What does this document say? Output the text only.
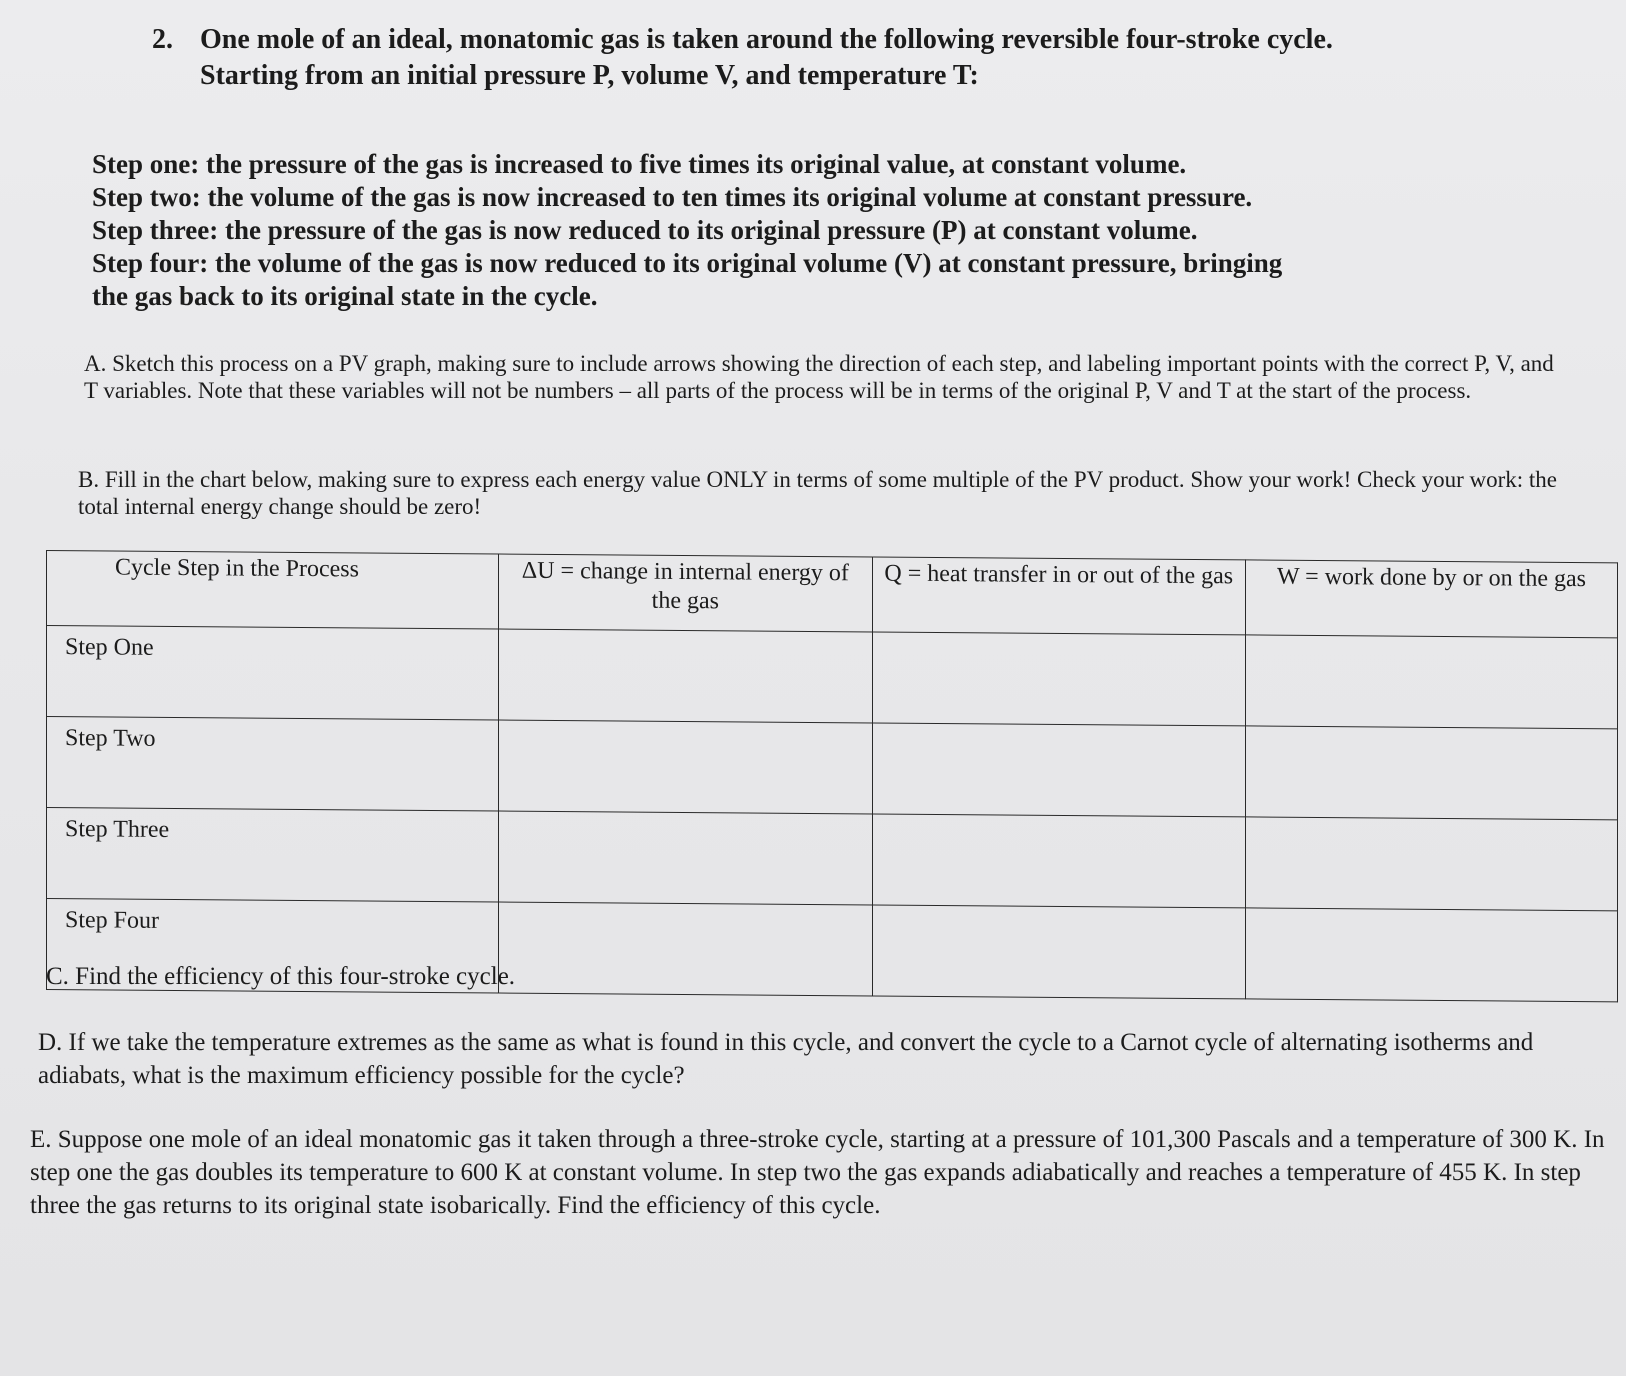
2. One mole of an ideal, monatomic gas is taken around the following reversible four-stroke cycle.
Starting from an initial pressure P, volume V, and temperature T:
Step one: the pressure of the gas is increased to five times its original value, at constant volume.
Step two: the volume of the gas is now increased to ten times its original volume at constant pressure.
Step three: the pressure of the gas is now reduced to its original pressure (P) at constant volume.
Step four: the volume of the gas is now reduced to its original volume (V) at constant pressure, bringing
the gas back to its original state in the cycle.
A. Sketch this process on a PV graph, making sure to include arrows showing the direction of each step, and labeling important points with the correct P, V, and T variables. Note that these variables will not be numbers – all parts of the process will be in terms of the original P, V and T at the start of the process.
B. Fill in the chart below, making sure to express each energy value ONLY in terms of some multiple of the PV product. Show your work! Check your work: the total internal energy change should be zero!
Cycle Step in the Process	ΔU = change in internal energy of the gas	Q = heat transfer in or out of the gas	W = work done by or on the gas
Step One			
Step Two			
Step Three			
Step Four			
C. Find the efficiency of this four-stroke cycle.
D. If we take the temperature extremes as the same as what is found in this cycle, and convert the cycle to a Carnot cycle of alternating isotherms and adiabats, what is the maximum efficiency possible for the cycle?
E. Suppose one mole of an ideal monatomic gas it taken through a three-stroke cycle, starting at a pressure of 101,300 Pascals and a temperature of 300 K. In step one the gas doubles its temperature to 600 K at constant volume. In step two the gas expands adiabatically and reaches a temperature of 455 K. In step three the gas returns to its original state isobarically. Find the efficiency of this cycle.
